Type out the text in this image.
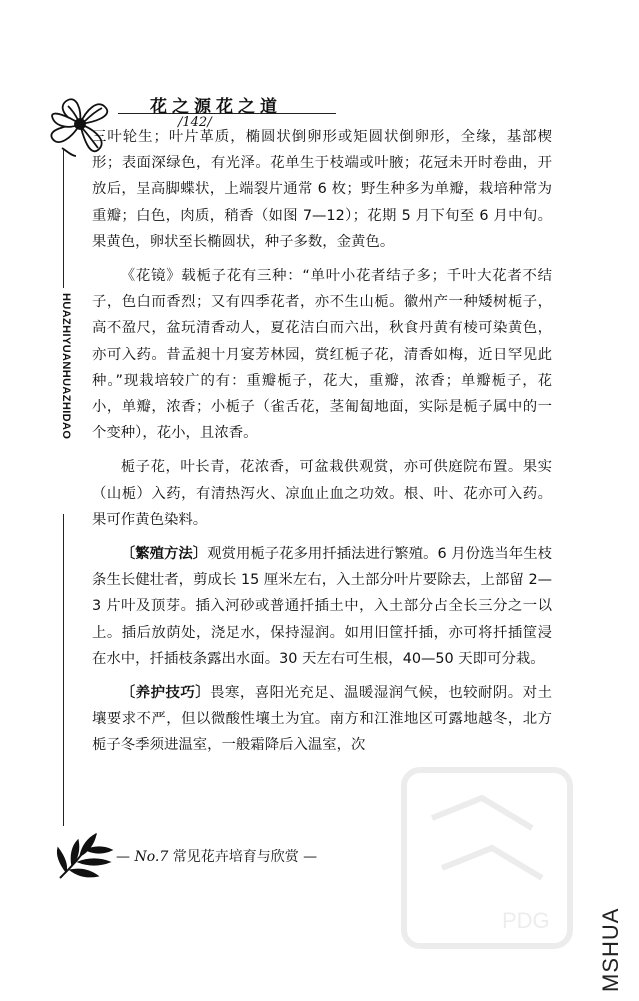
花之源花之道
/142/
HUAZHIYUANHUAZHIDAO

三叶轮生；叶片革质，椭圆状倒卵形或矩圆状倒卵形，全缘，基部楔形；表面深绿色，有光泽。花单生于枝端或叶腋；花冠未开时卷曲，开放后，呈高脚蝶状，上端裂片通常 6 枚；野生种多为单瓣，栽培种常为重瓣；白色，肉质，稍香（如图 7—12）；花期 5 月下旬至 6 月中旬。果黄色，卵状至长椭圆状，种子多数，金黄色。

《花镜》载栀子花有三种：“单叶小花者结子多；千叶大花者不结子，色白而香烈；又有四季花者，亦不生山栀。徽州产一种矮树栀子，高不盈尺，盆玩清香动人，夏花洁白而六出，秋食丹黄有棱可染黄色，亦可入药。昔孟昶十月宴芳林园，赏红栀子花，清香如梅，近日罕见此种。”现栽培较广的有：重瓣栀子，花大，重瓣，浓香；单瓣栀子，花小，单瓣，浓香；小栀子（雀舌花，茎匍匐地面，实际是栀子属中的一个变种），花小，且浓香。

栀子花，叶长青，花浓香，可盆栽供观赏，亦可供庭院布置。果实（山栀）入药，有清热泻火、凉血止血之功效。根、叶、花亦可入药。果可作黄色染料。

〔繁殖方法〕观赏用栀子花多用扦插法进行繁殖。6 月份选当年生枝条生长健壮者，剪成长 15 厘米左右，入土部分叶片要除去，上部留 2—3 片叶及顶芽。插入河砂或普通扦插土中，入土部分占全长三分之一以上。插后放荫处，浇足水，保持湿润。如用旧筐扦插，亦可将扦插筐浸在水中，扦插枝条露出水面。30 天左右可生根，40—50 天即可分栽。

〔养护技巧〕畏寒，喜阳光充足、温暖湿润气候，也较耐阴。对土壤要求不严，但以微酸性壤土为宜。南方和江淮地区可露地越冬，北方栀子冬季须进温室，一般霜降后入温室，次

— No.7 常见花卉培育与欣赏 —
PDG MSHUA
